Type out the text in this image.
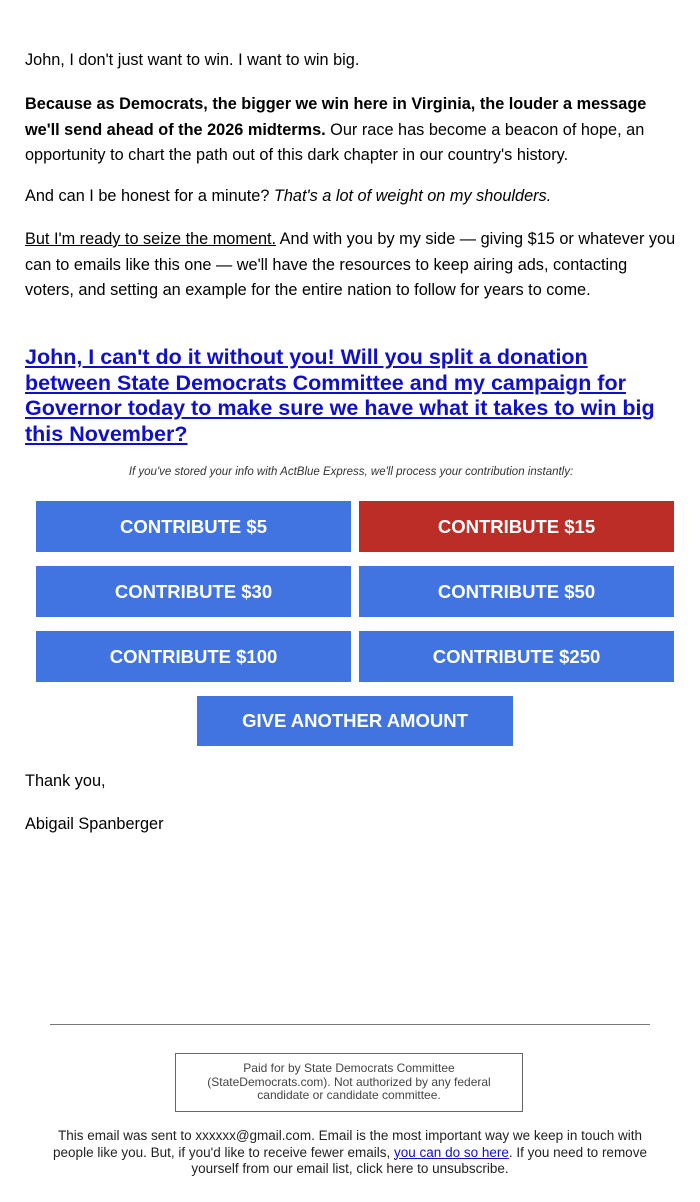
John, I don't just want to win. I want to win big.

Because as Democrats, the bigger we win here in Virginia, the louder a message we'll send ahead of the 2026 midterms. Our race has become a beacon of hope, an opportunity to chart the path out of this dark chapter in our country's history.

And can I be honest for a minute? That's a lot of weight on my shoulders.

But I'm ready to seize the moment. And with you by my side — giving $15 or whatever you can to emails like this one — we'll have the resources to keep airing ads, contacting voters, and setting an example for the entire nation to follow for years to come.

John, I can't do it without you! Will you split a donation between State Democrats Committee and my campaign for Governor today to make sure we have what it takes to win big this November?

If you've stored your info with ActBlue Express, we'll process your contribution instantly:
Thank you,
Abigail Spanberger
CONTRIBUTE $5	CONTRIBUTE $15
CONTRIBUTE $30	CONTRIBUTE $50
CONTRIBUTE $100	CONTRIBUTE $250
GIVE ANOTHER AMOUNT
Paid for by State Democrats Committee (StateDemocrats.com). Not authorized by any federal candidate or candidate committee.
This email was sent to xxxxxx@gmail.com. Email is the most important way we keep in touch with people like you. But, if you'd like to receive fewer emails, you can do so here. If you need to remove yourself from our email list, click here to unsubscribe.
